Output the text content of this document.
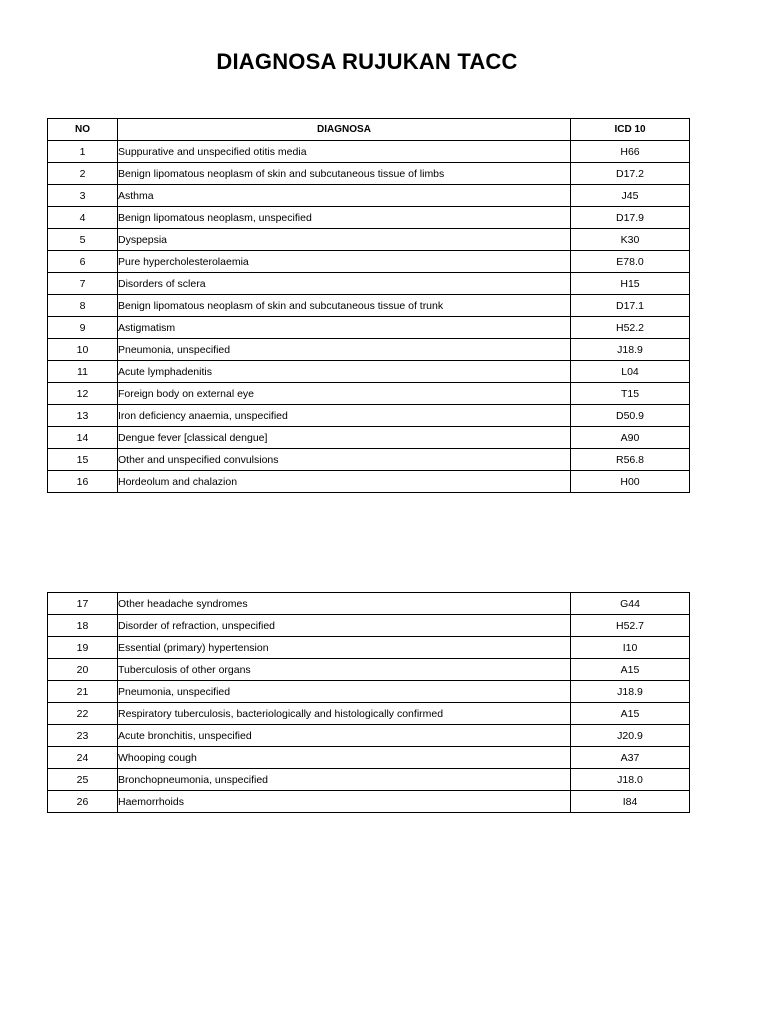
DIAGNOSA RUJUKAN TACC
NO	DIAGNOSA	ICD 10
1	Suppurative and unspecified otitis media	H66
2	Benign lipomatous neoplasm of skin and subcutaneous tissue of limbs	D17.2
3	Asthma	J45
4	Benign lipomatous neoplasm, unspecified	D17.9
5	Dyspepsia	K30
6	Pure hypercholesterolaemia	E78.0
7	Disorders of sclera	H15
8	Benign lipomatous neoplasm of skin and subcutaneous tissue of trunk	D17.1
9	Astigmatism	H52.2
10	Pneumonia, unspecified	J18.9
11	Acute lymphadenitis	L04
12	Foreign body on external eye	T15
13	Iron deficiency anaemia, unspecified	D50.9
14	Dengue fever [classical dengue]	A90
15	Other and unspecified convulsions	R56.8
16	Hordeolum and chalazion	H00
17	Other headache syndromes	G44
18	Disorder of refraction, unspecified	H52.7
19	Essential (primary) hypertension	I10
20	Tuberculosis of other organs	A15
21	Pneumonia, unspecified	J18.9
22	Respiratory tuberculosis, bacteriologically and histologically confirmed	A15
23	Acute bronchitis, unspecified	J20.9
24	Whooping cough	A37
25	Bronchopneumonia, unspecified	J18.0
26	Haemorrhoids	I84
